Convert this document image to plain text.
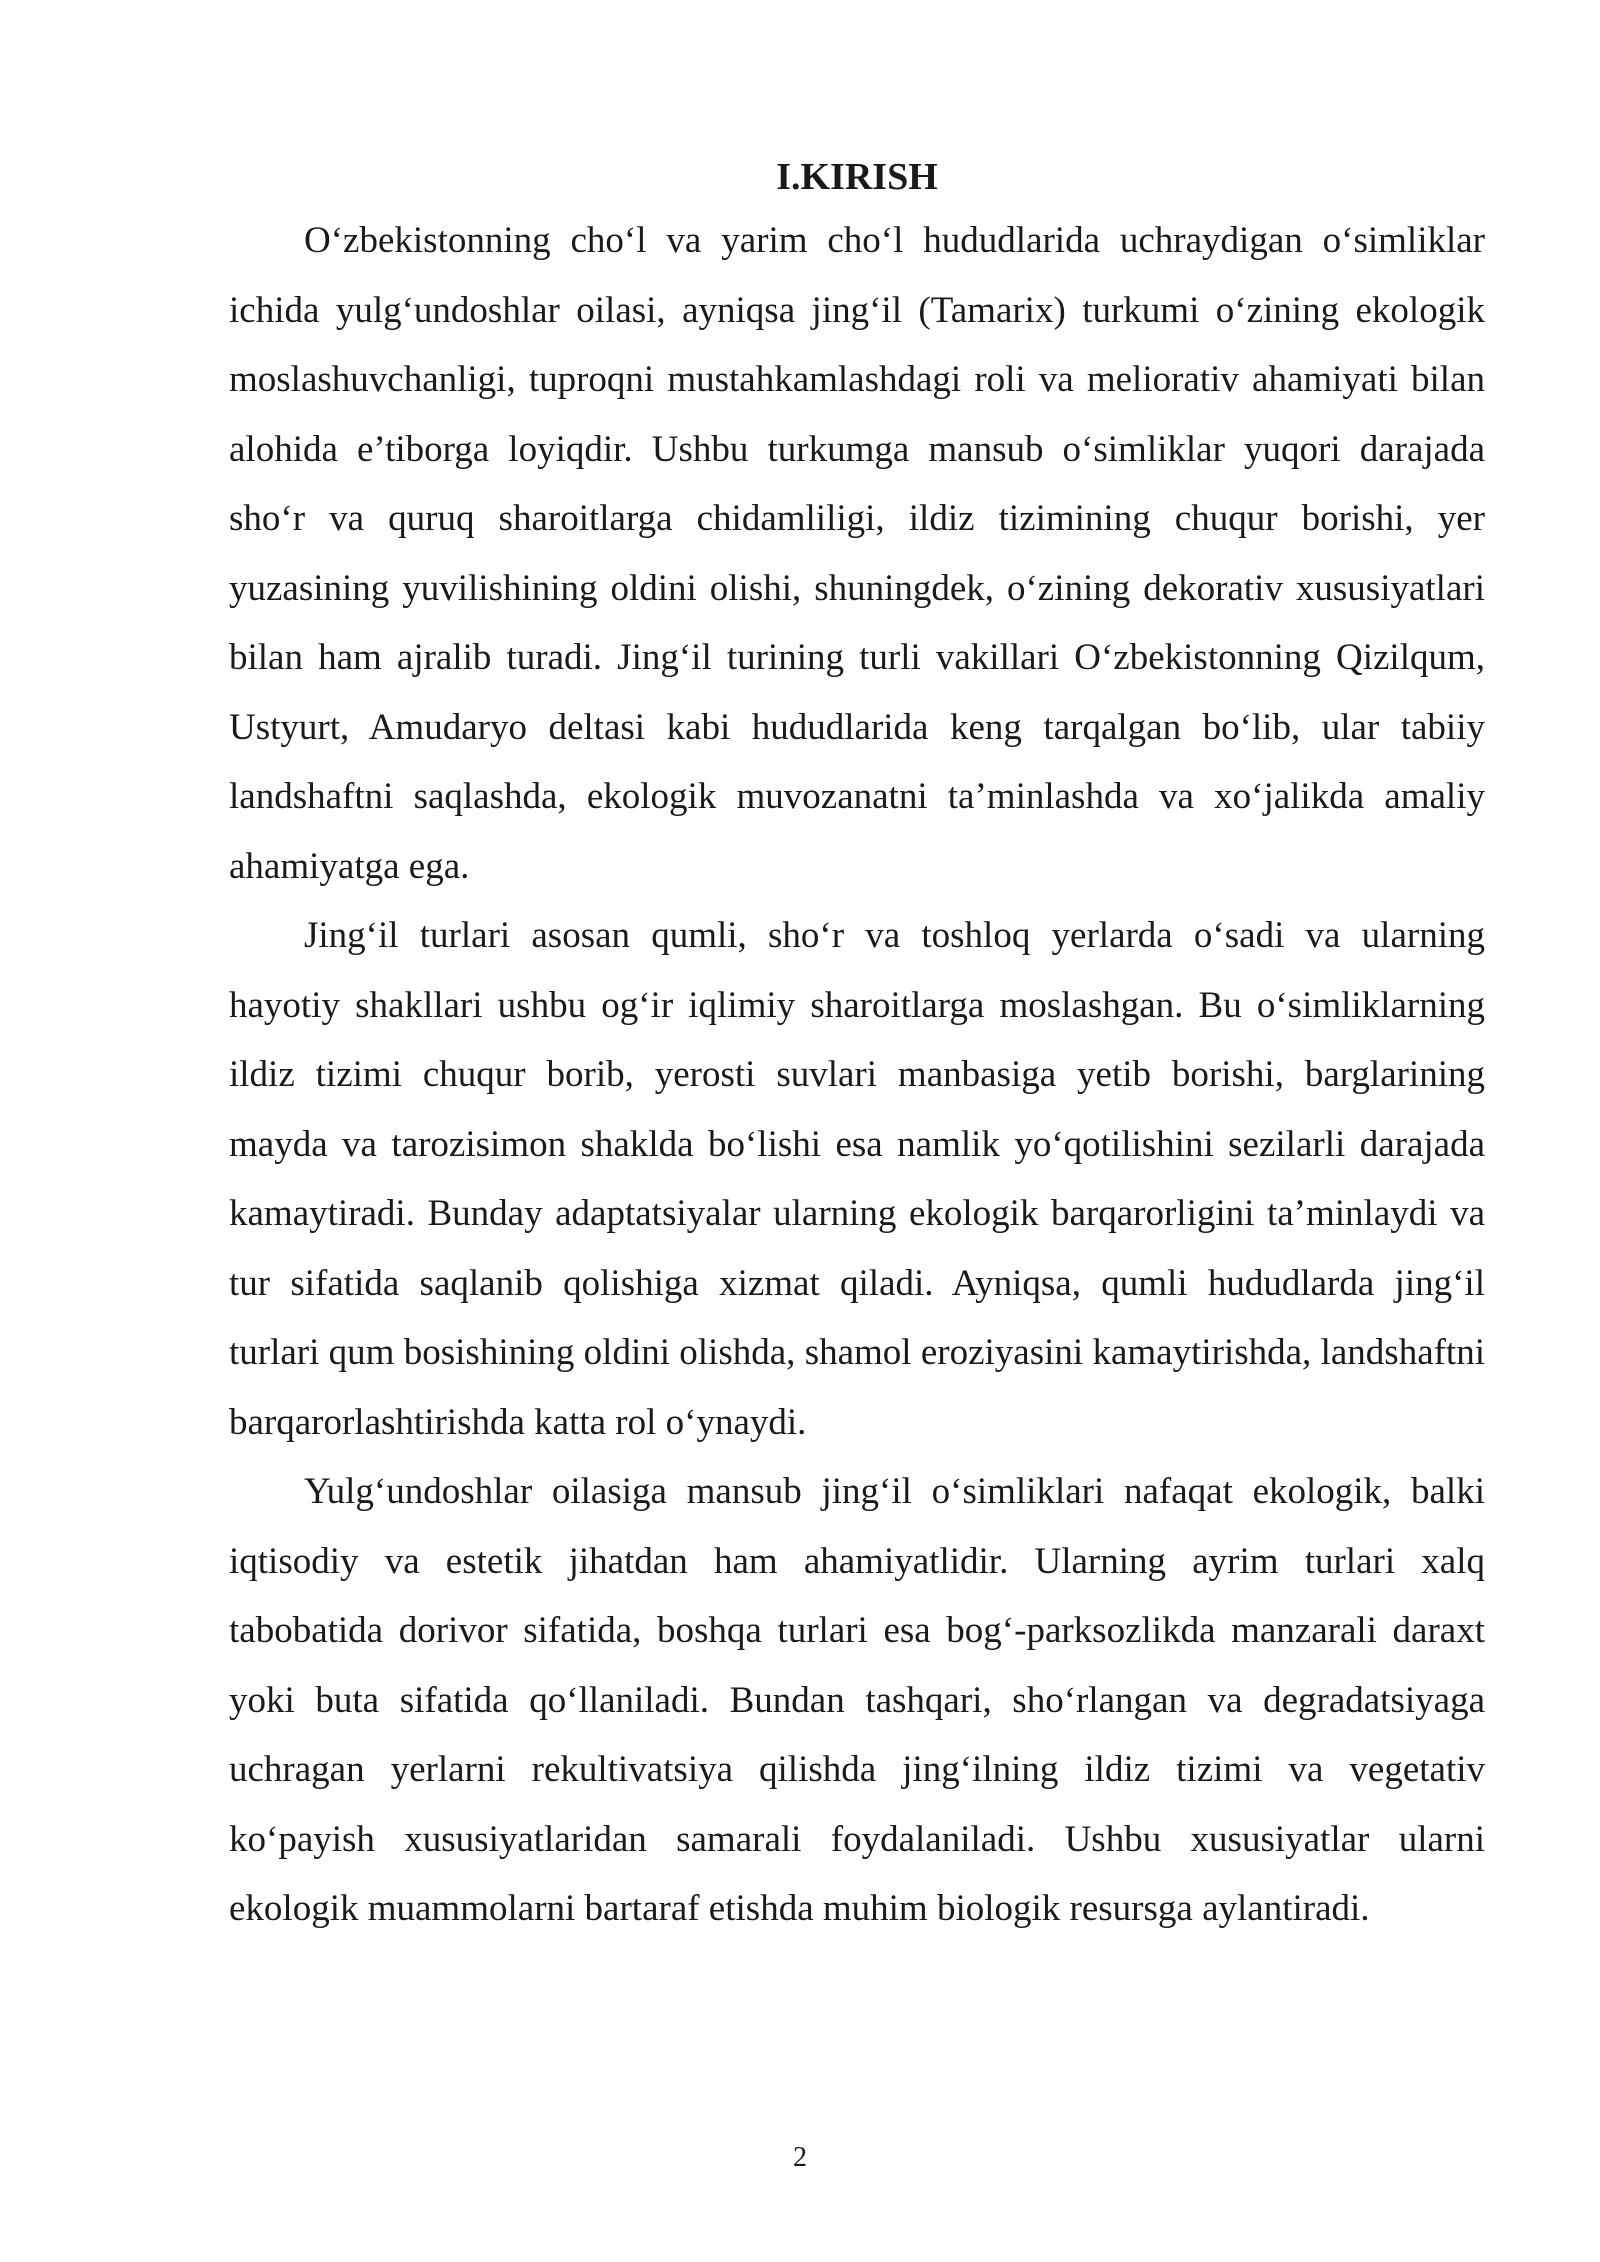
I.KIRISH

O‘zbekistonning cho‘l va yarim cho‘l hududlarida uchraydigan o‘simliklar ichida yulg‘undoshlar oilasi, ayniqsa jing‘il (Tamarix) turkumi o‘zining ekologik moslashuvchanligi, tuproqni mustahkamlashdagi roli va meliorativ ahamiyati bilan alohida e’tiborga loyiqdir. Ushbu turkumga mansub o‘simliklar yuqori darajada sho‘r va quruq sharoitlarga chidamliligi, ildiz tizimining chuqur borishi, yer yuzasining yuvilishining oldini olishi, shuningdek, o‘zining dekorativ xususiyatlari bilan ham ajralib turadi. Jing‘il turining turli vakillari O‘zbekistonning Qizilqum, Ustyurt, Amudaryo deltasi kabi hududlarida keng tarqalgan bo‘lib, ular tabiiy landshaftni saqlashda, ekologik muvozanatni ta’minlashda va xo‘jalikda amaliy ahamiyatga ega.

Jing‘il turlari asosan qumli, sho‘r va toshloq yerlarda o‘sadi va ularning hayotiy shakllari ushbu og‘ir iqlimiy sharoitlarga moslashgan. Bu o‘simliklarning ildiz tizimi chuqur borib, yerosti suvlari manbasiga yetib borishi, barglarining mayda va tarozisimon shaklda bo‘lishi esa namlik yo‘qotilishini sezilarli darajada kamaytiradi. Bunday adaptatsiyalar ularning ekologik barqarorligini ta’minlaydi va tur sifatida saqlanib qolishiga xizmat qiladi. Ayniqsa, qumli hududlarda jing‘il turlari qum bosishining oldini olishda, shamol eroziyasini kamaytirishda, landshaftni barqarorlashtirishda katta rol o‘ynaydi.

Yulg‘undoshlar oilasiga mansub jing‘il o‘simliklari nafaqat ekologik, balki iqtisodiy va estetik jihatdan ham ahamiyatlidir. Ularning ayrim turlari xalq tabobatida dorivor sifatida, boshqa turlari esa bog‘-parksozlikda manzarali daraxt yoki buta sifatida qo‘llaniladi. Bundan tashqari, sho‘rlangan va degradatsiyaga uchragan yerlarni rekultivatsiya qilishda jing‘ilning ildiz tizimi va vegetativ ko‘payish xususiyatlaridan samarali foydalaniladi. Ushbu xususiyatlar ularni ekologik muammolarni bartaraf etishda muhim biologik resursga aylantiradi.

2
